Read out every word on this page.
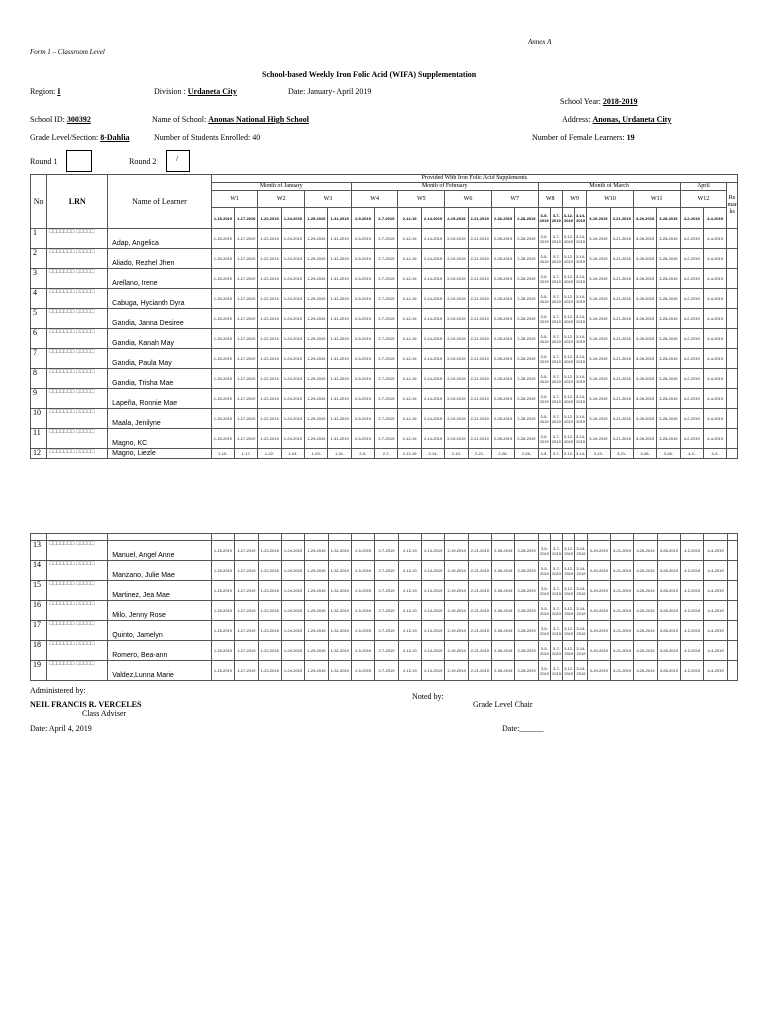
Annex A
Form 1 – Classroom Level
School-based Weekly Iron Folic Acid (WIFA) Supplementation
Region: I	Division : Urdaneta City	Date: January- April 2019
School Year: 2018-2019
School ID: 300392	Name of School: Anonas National High School	Address: Anonas, Urdaneta City
Grade Level/Section: 8-Dahlia	Number of Students Enrolled: 40	Number of Female Learners: 19
Round 1	Round 2 /
No	LRN	Name of Learner	Provided With Iron Folic Acid Supplements																								
			Month of January						Month of February								Month of March								April		Re mar ks
			W1		W2		W3		W4		W5		W6		W7		W8		W9		W10		W11		W12		
			1-15-2019	1-17-2019	1-22-2019	1-24-2019	1-29-2019	1-31-2019	2-5-2019	2-7-2019	2-12-19	2-14-2019	2-19-2019	2-21-2019	2-26-2019	2-28-2019	3-5-2019	3-7-2019	3-12-2019	3-14-2019	3-19-2019	3-21-2019	3-26-2019	3-28-2019	4-2-2019	4-4-2019	
1	□□□□□□□ □□□□□	Adap, Angelica	1-15-2019	1-17-2019	1-22-2019	1-24-2019	1-29-2019	1-31-2019	2-5-2019	2-7-2019	2-12-19	2-14-2019	2-19-2019	2-21-2019	2-26-2019	2-28-2019	3-5-2019	3-7-2019	3-12-2019	3-14-2019	3-19-2019	3-21-2019	3-26-2019	3-28-2019	4-2-2019	4-4-2019	
2	□□□□□□□ □□□□□	Aliado, Rezhel Jhen	1-15-2019	1-17-2019	1-22-2019	1-24-2019	1-29-2019	1-31-2019	2-5-2019	2-7-2019	2-12-19	2-14-2019	2-19-2019	2-21-2019	2-26-2019	2-28-2019	3-5-2019	3-7-2019	3-12-2019	3-14-2019	3-19-2019	3-21-2019	3-26-2019	3-28-2019	4-2-2019	4-4-2019	
3	□□□□□□□ □□□□□	Arellano, Irene	1-15-2019	1-17-2019	1-22-2019	1-24-2019	1-29-2019	1-31-2019	2-5-2019	2-7-2019	2-12-19	2-14-2019	2-19-2019	2-21-2019	2-26-2019	2-28-2019	3-5-2019	3-7-2019	3-12-2019	3-14-2019	3-19-2019	3-21-2019	3-26-2019	3-28-2019	4-2-2019	4-4-2019	
4	□□□□□□□ □□□□□	Cabuga, Hycianth Dyra	1-15-2019	1-17-2019	1-22-2019	1-24-2019	1-29-2019	1-31-2019	2-5-2019	2-7-2019	2-12-19	2-14-2019	2-19-2019	2-21-2019	2-26-2019	2-28-2019	3-5-2019	3-7-2019	3-12-2019	3-14-2019	3-19-2019	3-21-2019	3-26-2019	3-28-2019	4-2-2019	4-4-2019	
5	□□□□□□□ □□□□□	Gandia, Janna Desiree	1-15-2019	1-17-2019	1-22-2019	1-24-2019	1-29-2019	1-31-2019	2-5-2019	2-7-2019	2-12-19	2-14-2019	2-19-2019	2-21-2019	2-26-2019	2-28-2019	3-5-2019	3-7-2019	3-12-2019	3-14-2019	3-19-2019	3-21-2019	3-26-2019	3-28-2019	4-2-2019	4-4-2019	
6	□□□□□□□ □□□□□	Gandia, Kanah May	1-15-2019	1-17-2019	1-22-2019	1-24-2019	1-29-2019	1-31-2019	2-5-2019	2-7-2019	2-12-19	2-14-2019	2-19-2019	2-21-2019	2-26-2019	2-28-2019	3-5-2019	3-7-2019	3-12-2019	3-14-2019	3-19-2019	3-21-2019	3-26-2019	3-28-2019	4-2-2019	4-4-2019	
7	□□□□□□□ □□□□□	Gandia, Paula May	1-15-2019	1-17-2019	1-22-2019	1-24-2019	1-29-2019	1-31-2019	2-5-2019	2-7-2019	2-12-19	2-14-2019	2-19-2019	2-21-2019	2-26-2019	2-28-2019	3-5-2019	3-7-2019	3-12-2019	3-14-2019	3-19-2019	3-21-2019	3-26-2019	3-28-2019	4-2-2019	4-4-2019	
8	□□□□□□□ □□□□□	Gandia, Trisha Mae	1-15-2019	1-17-2019	1-22-2019	1-24-2019	1-29-2019	1-31-2019	2-5-2019	2-7-2019	2-12-19	2-14-2019	2-19-2019	2-21-2019	2-26-2019	2-28-2019	3-5-2019	3-7-2019	3-12-2019	3-14-2019	3-19-2019	3-21-2019	3-26-2019	3-28-2019	4-2-2019	4-4-2019	
9	□□□□□□□ □□□□□	Lapeña, Ronnie Mae	1-15-2019	1-17-2019	1-22-2019	1-24-2019	1-29-2019	1-31-2019	2-5-2019	2-7-2019	2-12-19	2-14-2019	2-19-2019	2-21-2019	2-26-2019	2-28-2019	3-5-2019	3-7-2019	3-12-2019	3-14-2019	3-19-2019	3-21-2019	3-26-2019	3-28-2019	4-2-2019	4-4-2019	
10	□□□□□□□ □□□□□	Maala, Jenilyne	1-15-2019	1-17-2019	1-22-2019	1-24-2019	1-29-2019	1-31-2019	2-5-2019	2-7-2019	2-12-19	2-14-2019	2-19-2019	2-21-2019	2-26-2019	2-28-2019	3-5-2019	3-7-2019	3-12-2019	3-14-2019	3-19-2019	3-21-2019	3-26-2019	3-28-2019	4-2-2019	4-4-2019	
11	□□□□□□□ □□□□□	Magno, KC	1-15-2019	1-17-2019	1-22-2019	1-24-2019	1-29-2019	1-31-2019	2-5-2019	2-7-2019	2-12-19	2-14-2019	2-19-2019	2-21-2019	2-26-2019	2-28-2019	3-5-2019	3-7-2019	3-12-2019	3-14-2019	3-19-2019	3-21-2019	3-26-2019	3-28-2019	4-2-2019	4-4-2019	
12	□□□□□□□ □□□□□	Magno, Liezle	1-15-	1-17-	1-22-	1-24-	1-29-	1-31-	2-5-	2-7-	2-12-19	2-14-	2-19-	2-21-	2-26-	2-28-	3-5-	3-7-	3-12-	3-14-	3-19-	3-21-	3-26-	3-28-	4-2-	4-4-	

13	□□□□□□□ □□□□□	Manuel, Angel Anne	1-15-2019	1-17-2019	1-22-2019	1-24-2019	1-29-2019	1-31-2019	2-5-2019	2-7-2019	2-12-19	2-14-2019	2-19-2019	2-21-2019	2-26-2019	2-28-2019	3-5-2019	3-7-2019	3-12-2019	3-14-2019	3-19-2019	3-21-2019	3-26-2019	3-28-2019	4-2-2019	4-4-2019	
14	□□□□□□□ □□□□□	Manzano, Julie Mae	1-15-2019	1-17-2019	1-22-2019	1-24-2019	1-29-2019	1-31-2019	2-5-2019	2-7-2019	2-12-19	2-14-2019	2-19-2019	2-21-2019	2-26-2019	2-28-2019	3-5-2019	3-7-2019	3-12-2019	3-14-2019	3-19-2019	3-21-2019	3-26-2019	3-28-2019	4-2-2019	4-4-2019	
15	□□□□□□□ □□□□□	Martinez, Jea Mae	1-15-2019	1-17-2019	1-22-2019	1-24-2019	1-29-2019	1-31-2019	2-5-2019	2-7-2019	2-12-19	2-14-2019	2-19-2019	2-21-2019	2-26-2019	2-28-2019	3-5-2019	3-7-2019	3-12-2019	3-14-2019	3-19-2019	3-21-2019	3-26-2019	3-28-2019	4-2-2019	4-4-2019	
16	□□□□□□□ □□□□□	Milo, Jenny Rose	1-15-2019	1-17-2019	1-22-2019	1-24-2019	1-29-2019	1-31-2019	2-5-2019	2-7-2019	2-12-19	2-14-2019	2-19-2019	2-21-2019	2-26-2019	2-28-2019	3-5-2019	3-7-2019	3-12-2019	3-14-2019	3-19-2019	3-21-2019	3-26-2019	3-28-2019	4-2-2019	4-4-2019	
17	□□□□□□□ □□□□□	Quinto, Jamelyn	1-15-2019	1-17-2019	1-22-2019	1-24-2019	1-29-2019	1-31-2019	2-5-2019	2-7-2019	2-12-19	2-14-2019	2-19-2019	2-21-2019	2-26-2019	2-28-2019	3-5-2019	3-7-2019	3-12-2019	3-14-2019	3-19-2019	3-21-2019	3-26-2019	3-28-2019	4-2-2019	4-4-2019	
18	□□□□□□□ □□□□□	Romero, Bea-ann	1-15-2019	1-17-2019	1-22-2019	1-24-2019	1-29-2019	1-31-2019	2-5-2019	2-7-2019	2-12-19	2-14-2019	2-19-2019	2-21-2019	2-26-2019	2-28-2019	3-5-2019	3-7-2019	3-12-2019	3-14-2019	3-19-2019	3-21-2019	3-26-2019	3-28-2019	4-2-2019	4-4-2019	
19	□□□□□□□ □□□□□	Valdez,Lunna Marie	1-15-2019	1-17-2019	1-22-2019	1-24-2019	1-29-2019	1-31-2019	2-5-2019	2-7-2019	2-12-19	2-14-2019	2-19-2019	2-21-2019	2-26-2019	2-28-2019	3-5-2019	3-7-2019	3-12-2019	3-14-2019	3-19-2019	3-21-2019	3-26-2019	3-28-2019	4-2-2019	4-4-2019	
Administered by:
NEIL FRANCIS R. VERCELES
Class Adviser
Date: April 4, 2019
Noted by:
Grade Level Chair
Date:______
